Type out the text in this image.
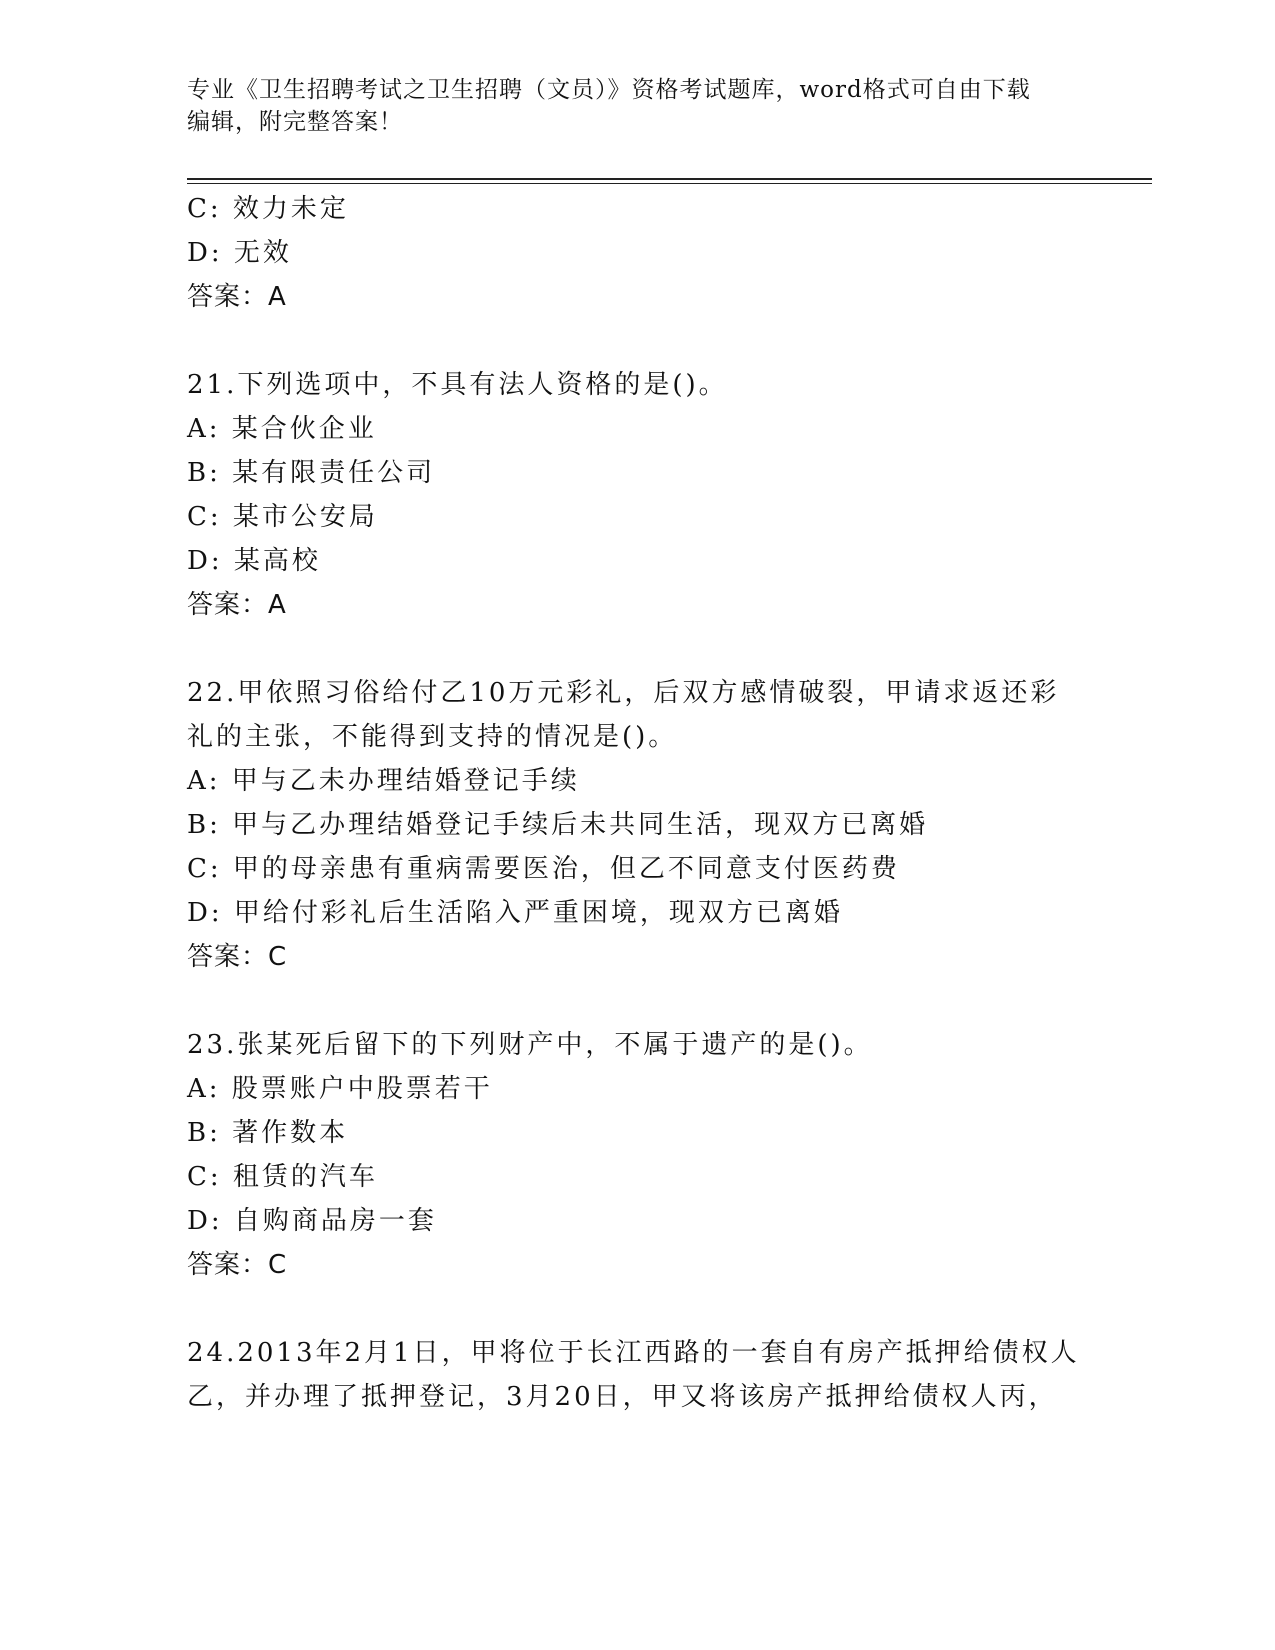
专业《卫生招聘考试之卫生招聘（文员）》资格考试题库，word格式可自由下载
编辑，附完整答案！
C: 效力未定
D: 无效
答案：A
21.下列选项中，不具有法人资格的是()。
A: 某合伙企业
B: 某有限责任公司
C: 某市公安局
D: 某高校
答案：A
22.甲依照习俗给付乙10万元彩礼，后双方感情破裂，甲请求返还彩
礼的主张，不能得到支持的情况是()。
A: 甲与乙未办理结婚登记手续
B: 甲与乙办理结婚登记手续后未共同生活，现双方已离婚
C: 甲的母亲患有重病需要医治，但乙不同意支付医药费
D: 甲给付彩礼后生活陷入严重困境，现双方已离婚
答案：C
23.张某死后留下的下列财产中，不属于遗产的是()。
A: 股票账户中股票若干
B: 著作数本
C: 租赁的汽车
D: 自购商品房一套
答案：C
24.2013年2月1日，甲将位于长江西路的一套自有房产抵押给债权人
乙，并办理了抵押登记，3月20日，甲又将该房产抵押给债权人丙，
